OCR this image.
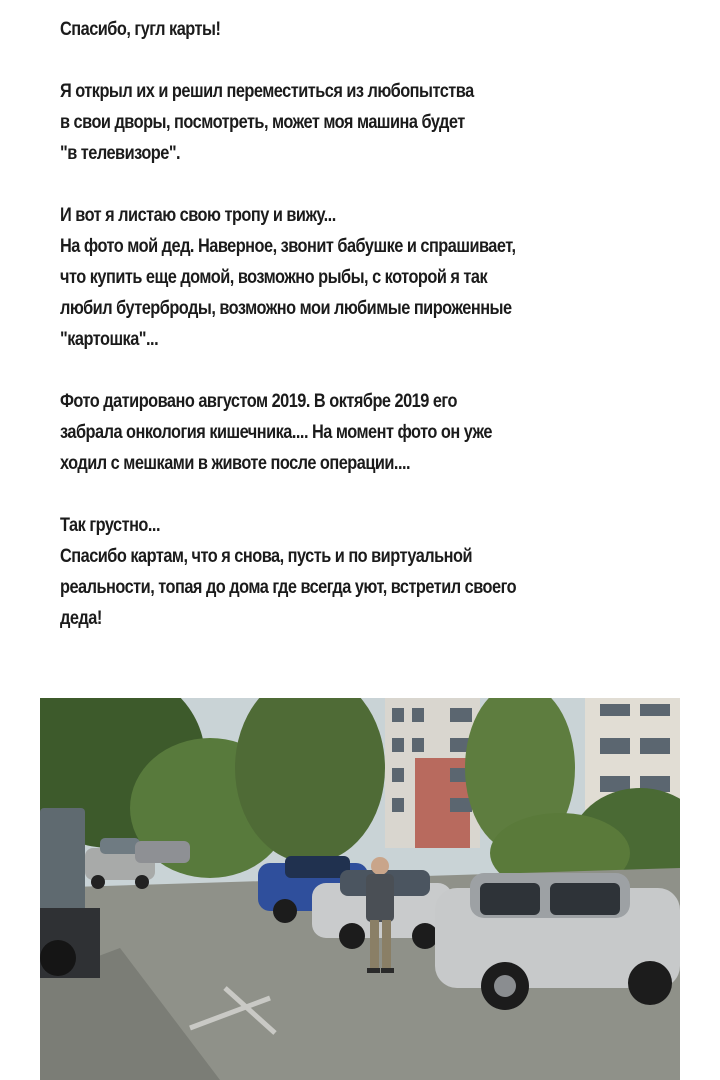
Спасибо, гугл карты!

Я открыл их и решил переместиться из любопытства
в свои дворы, посмотреть, может моя машина будет
"в телевизоре".

И вот я листаю свою тропу и вижу...
На фото мой дед. Наверное, звонит бабушке и спрашивает,
что купить еще домой, возможно рыбы, с которой я так
любил бутерброды, возможно мои любимые пироженные
"картошка"...

Фото датировано августом 2019. В октябре 2019 его
забрала онкология кишечника.... На момент фото он уже
ходил с мешками в животе после операции....

Так грустно...
Спасибо картам, что я снова, пусть и по виртуальной
реальности, топая до дома где всегда уют, встретил своего
деда!
